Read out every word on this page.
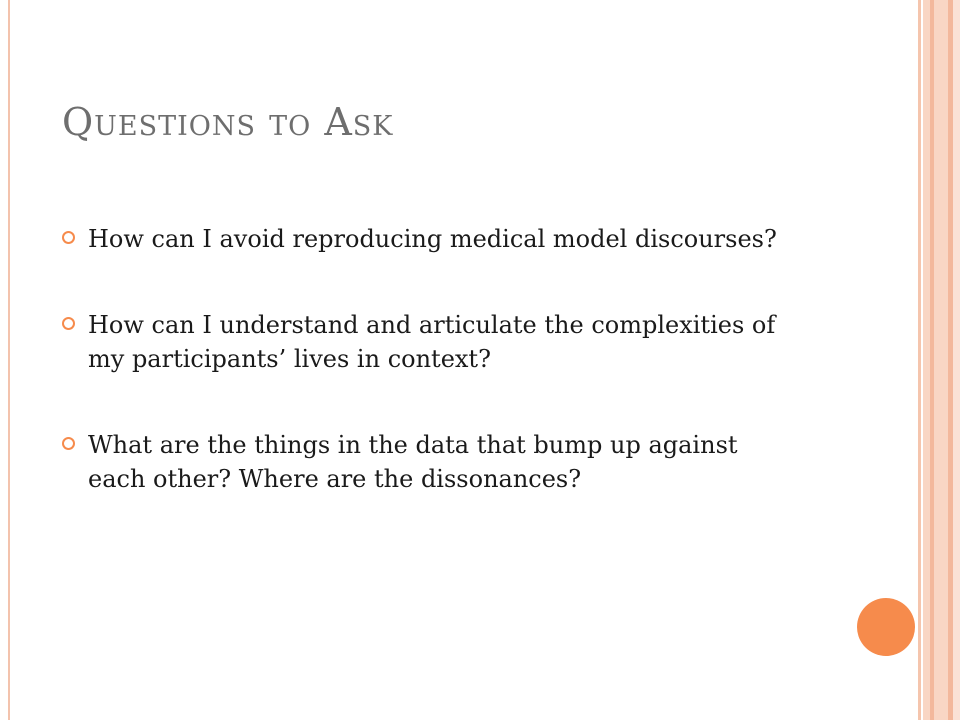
Questions to Ask
How can I avoid reproducing medical model discourses?
How can I understand and articulate the complexities of my participants’ lives in context?
What are the things in the data that bump up against each other? Where are the dissonances?
